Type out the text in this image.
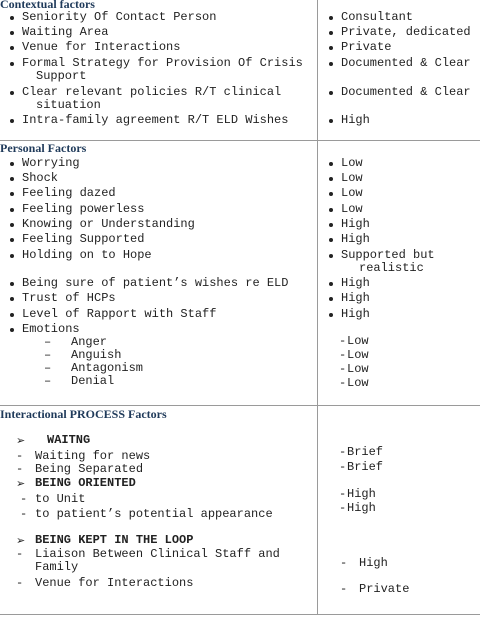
Contextual factors
Seniority Of Contact Person
Waiting Area
Venue for Interactions
Formal Strategy for Provision Of Crisis
Support
Clear relevant policies R/T clinical
situation
Intra-family agreement R/T ELD Wishes
Consultant
Private, dedicated
Private
Documented & Clear
Documented & Clear
High
Personal Factors
Worrying
Shock
Feeling dazed
Feeling powerless
Knowing or Understanding
Feeling Supported
Holding on to Hope
Being sure of patient’s wishes re ELD
Trust of HCPs
Level of Rapport with Staff
Emotions
– Anger
– Anguish
– Antagonism
– Denial
Low
Low
Low
Low
High
High
Supported but
realistic
High
High
High
- Low
- Low
- Low
- Low
Interactional PROCESS Factors
➢ WAITNG
- Waiting for news
- Being Separated
➢ BEING ORIENTED
- to Unit
- to patient’s potential appearance
➢ BEING KEPT IN THE LOOP
- Liaison Between Clinical Staff and
Family
- Venue for Interactions
- Brief
- Brief
- High
- High
- High
- Private
